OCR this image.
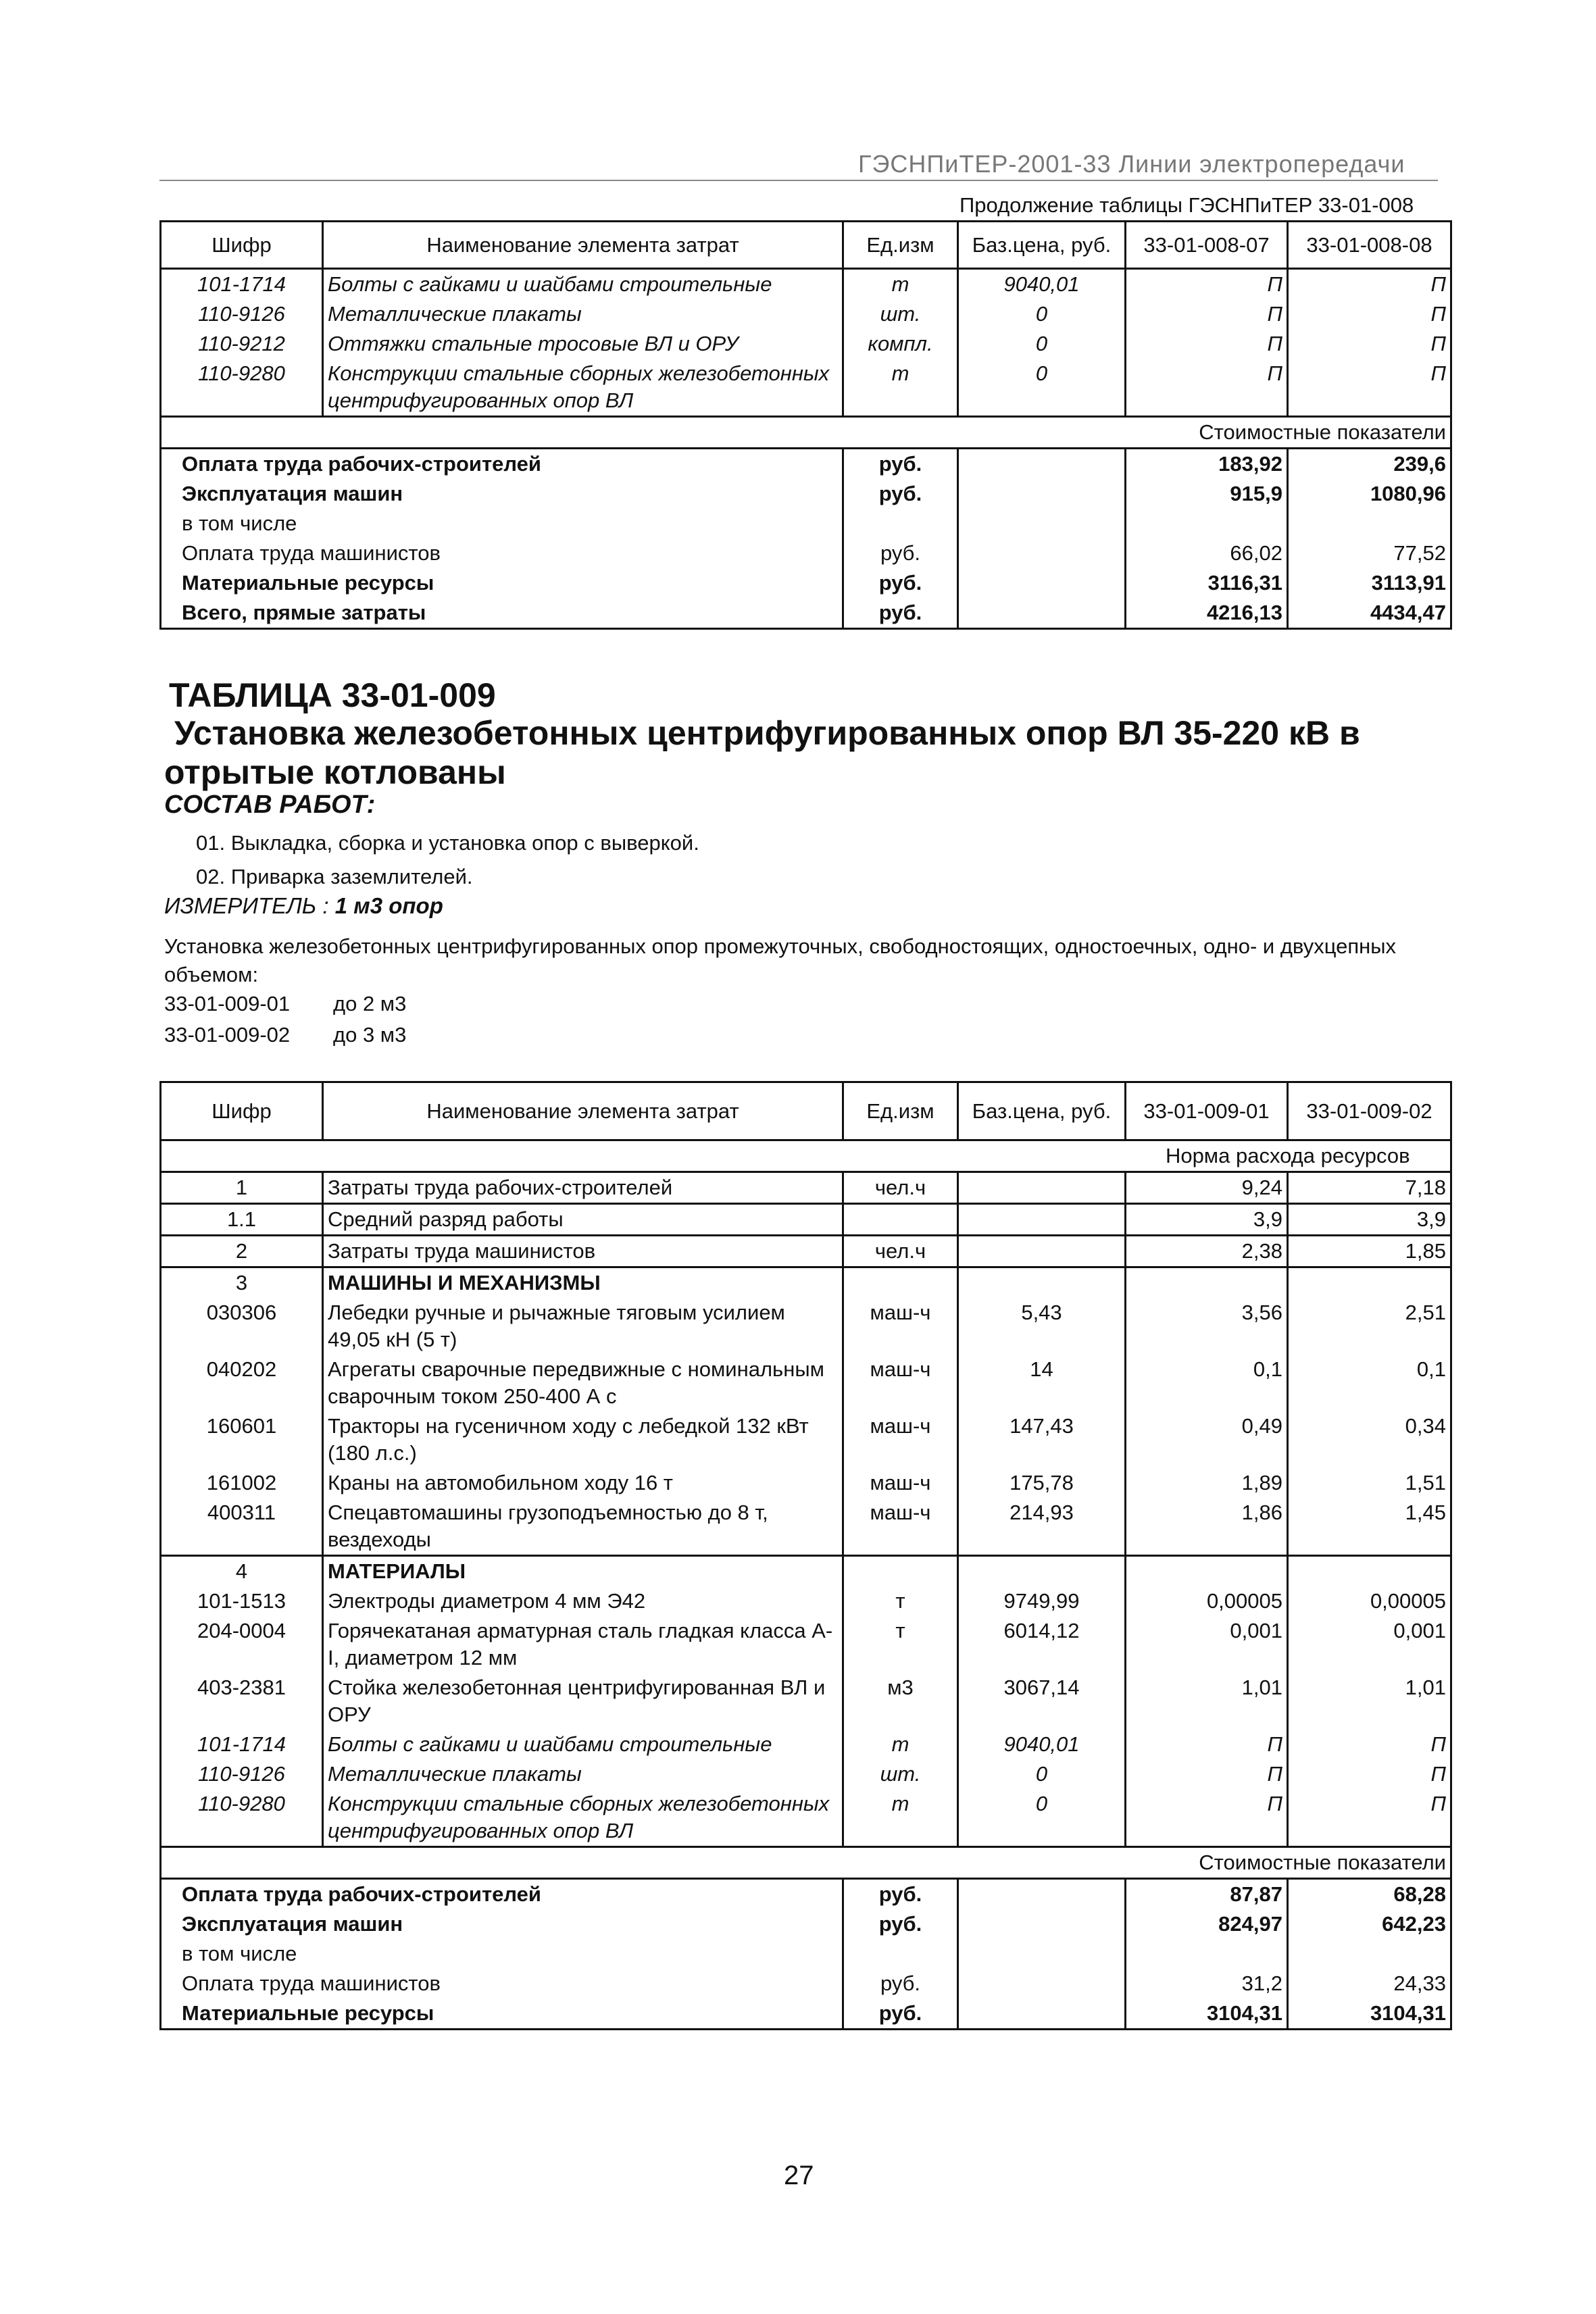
ГЭСНПиТЕР-2001-33 Линии электропередачи
Продолжение таблицы ГЭСНПиТЕР 33-01-008
Шифр	Наименование элемента затрат	Ед.изм	Баз.цена, руб.	33-01-008-07	33-01-008-08
101-1714	Болты с гайками и шайбами строительные	т	9040,01	П	П
110-9126	Металлические плакаты	шт.	0	П	П
110-9212	Оттяжки стальные тросовые ВЛ и ОРУ	компл.	0	П	П
110-9280	Конструкции стальные сборных железобетонных центрифугированных опор ВЛ	т	0	П	П
				Стоимостные показатели	
Оплата труда рабочих-строителей		руб.		183,92	239,6
Эксплуатация машин		руб.		915,9	1080,96
в том числе					
Оплата труда машинистов		руб.		66,02	77,52
Материальные ресурсы		руб.		3116,31	3113,91
Всего, прямые затраты		руб.		4216,13	4434,47
ТАБЛИЦА 33-01-009
Установка железобетонных центрифугированных опор ВЛ 35-220 кВ в
отрытые котлованы
СОСТАВ РАБОТ:
01. Выкладка, сборка и установка опор с выверкой.
02. Приварка заземлителей.
ИЗМЕРИТЕЛЬ : 1 м3 опор
Установка железобетонных центрифугированных опор промежуточных, свободностоящих, одностоечных, одно- и двухцепных объемом:
33-01-009-01 до 2 м3
33-01-009-02 до 3 м3
Шифр	Наименование элемента затрат	Ед.изм	Баз.цена, руб.	33-01-009-01	33-01-009-02
				Норма расхода ресурсов	
1	Затраты труда рабочих-строителей	чел.ч		9,24	7,18
1.1	Средний разряд работы			3,9	3,9
2	Затраты труда машинистов	чел.ч		2,38	1,85
3	МАШИНЫ И МЕХАНИЗМЫ				
030306	Лебедки ручные и рычажные тяговым усилием 49,05 кН (5 т)	маш-ч	5,43	3,56	2,51
040202	Агрегаты сварочные передвижные с номинальным сварочным током 250-400 А с	маш-ч	14	0,1	0,1
160601	Тракторы на гусеничном ходу с лебедкой 132 кВт (180 л.с.)	маш-ч	147,43	0,49	0,34
161002	Краны на автомобильном ходу 16 т	маш-ч	175,78	1,89	1,51
400311	Спецавтомашины грузоподъемностью до 8 т, вездеходы	маш-ч	214,93	1,86	1,45
4	МАТЕРИАЛЫ				
101-1513	Электроды диаметром 4 мм Э42	т	9749,99	0,00005	0,00005
204-0004	Горячекатаная арматурная сталь гладкая класса А-I, диаметром 12 мм	т	6014,12	0,001	0,001
403-2381	Стойка железобетонная центрифугированная ВЛ и ОРУ	м3	3067,14	1,01	1,01
101-1714	Болты с гайками и шайбами строительные	т	9040,01	П	П
110-9126	Металлические плакаты	шт.	0	П	П
110-9280	Конструкции стальные сборных железобетонных центрифугированных опор ВЛ	т	0	П	П
				Стоимостные показатели	
Оплата труда рабочих-строителей		руб.		87,87	68,28
Эксплуатация машин		руб.		824,97	642,23
в том числе					
Оплата труда машинистов		руб.		31,2	24,33
Материальные ресурсы		руб.		3104,31	3104,31
27
